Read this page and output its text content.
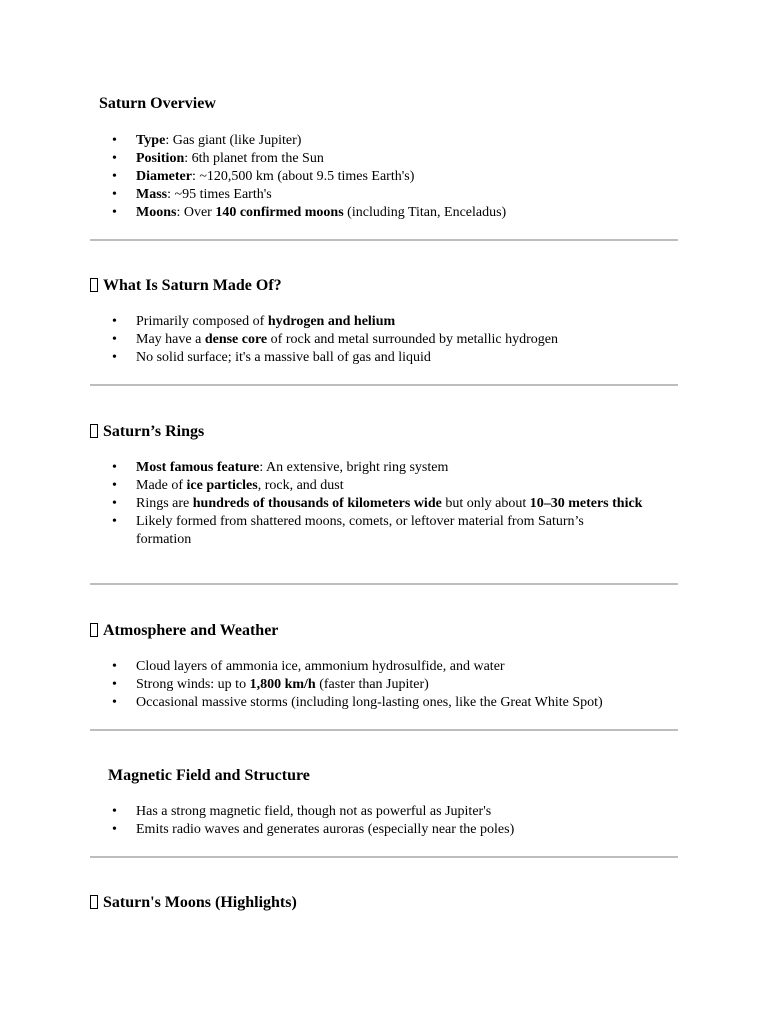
Saturn Overview
• Type: Gas giant (like Jupiter)
• Position: 6th planet from the Sun
• Diameter: ~120,500 km (about 9.5 times Earth's)
• Mass: ~95 times Earth's
• Moons: Over 140 confirmed moons (including Titan, Enceladus)
What Is Saturn Made Of?
• Primarily composed of hydrogen and helium
• May have a dense core of rock and metal surrounded by metallic hydrogen
• No solid surface; it's a massive ball of gas and liquid
Saturn’s Rings
• Most famous feature: An extensive, bright ring system
• Made of ice particles, rock, and dust
• Rings are hundreds of thousands of kilometers wide but only about 10–30 meters thick
• Likely formed from shattered moons, comets, or leftover material from Saturn’s formation
Atmosphere and Weather
• Cloud layers of ammonia ice, ammonium hydrosulfide, and water
• Strong winds: up to 1,800 km/h (faster than Jupiter)
• Occasional massive storms (including long-lasting ones, like the Great White Spot)
Magnetic Field and Structure
• Has a strong magnetic field, though not as powerful as Jupiter's
• Emits radio waves and generates auroras (especially near the poles)
Saturn's Moons (Highlights)
